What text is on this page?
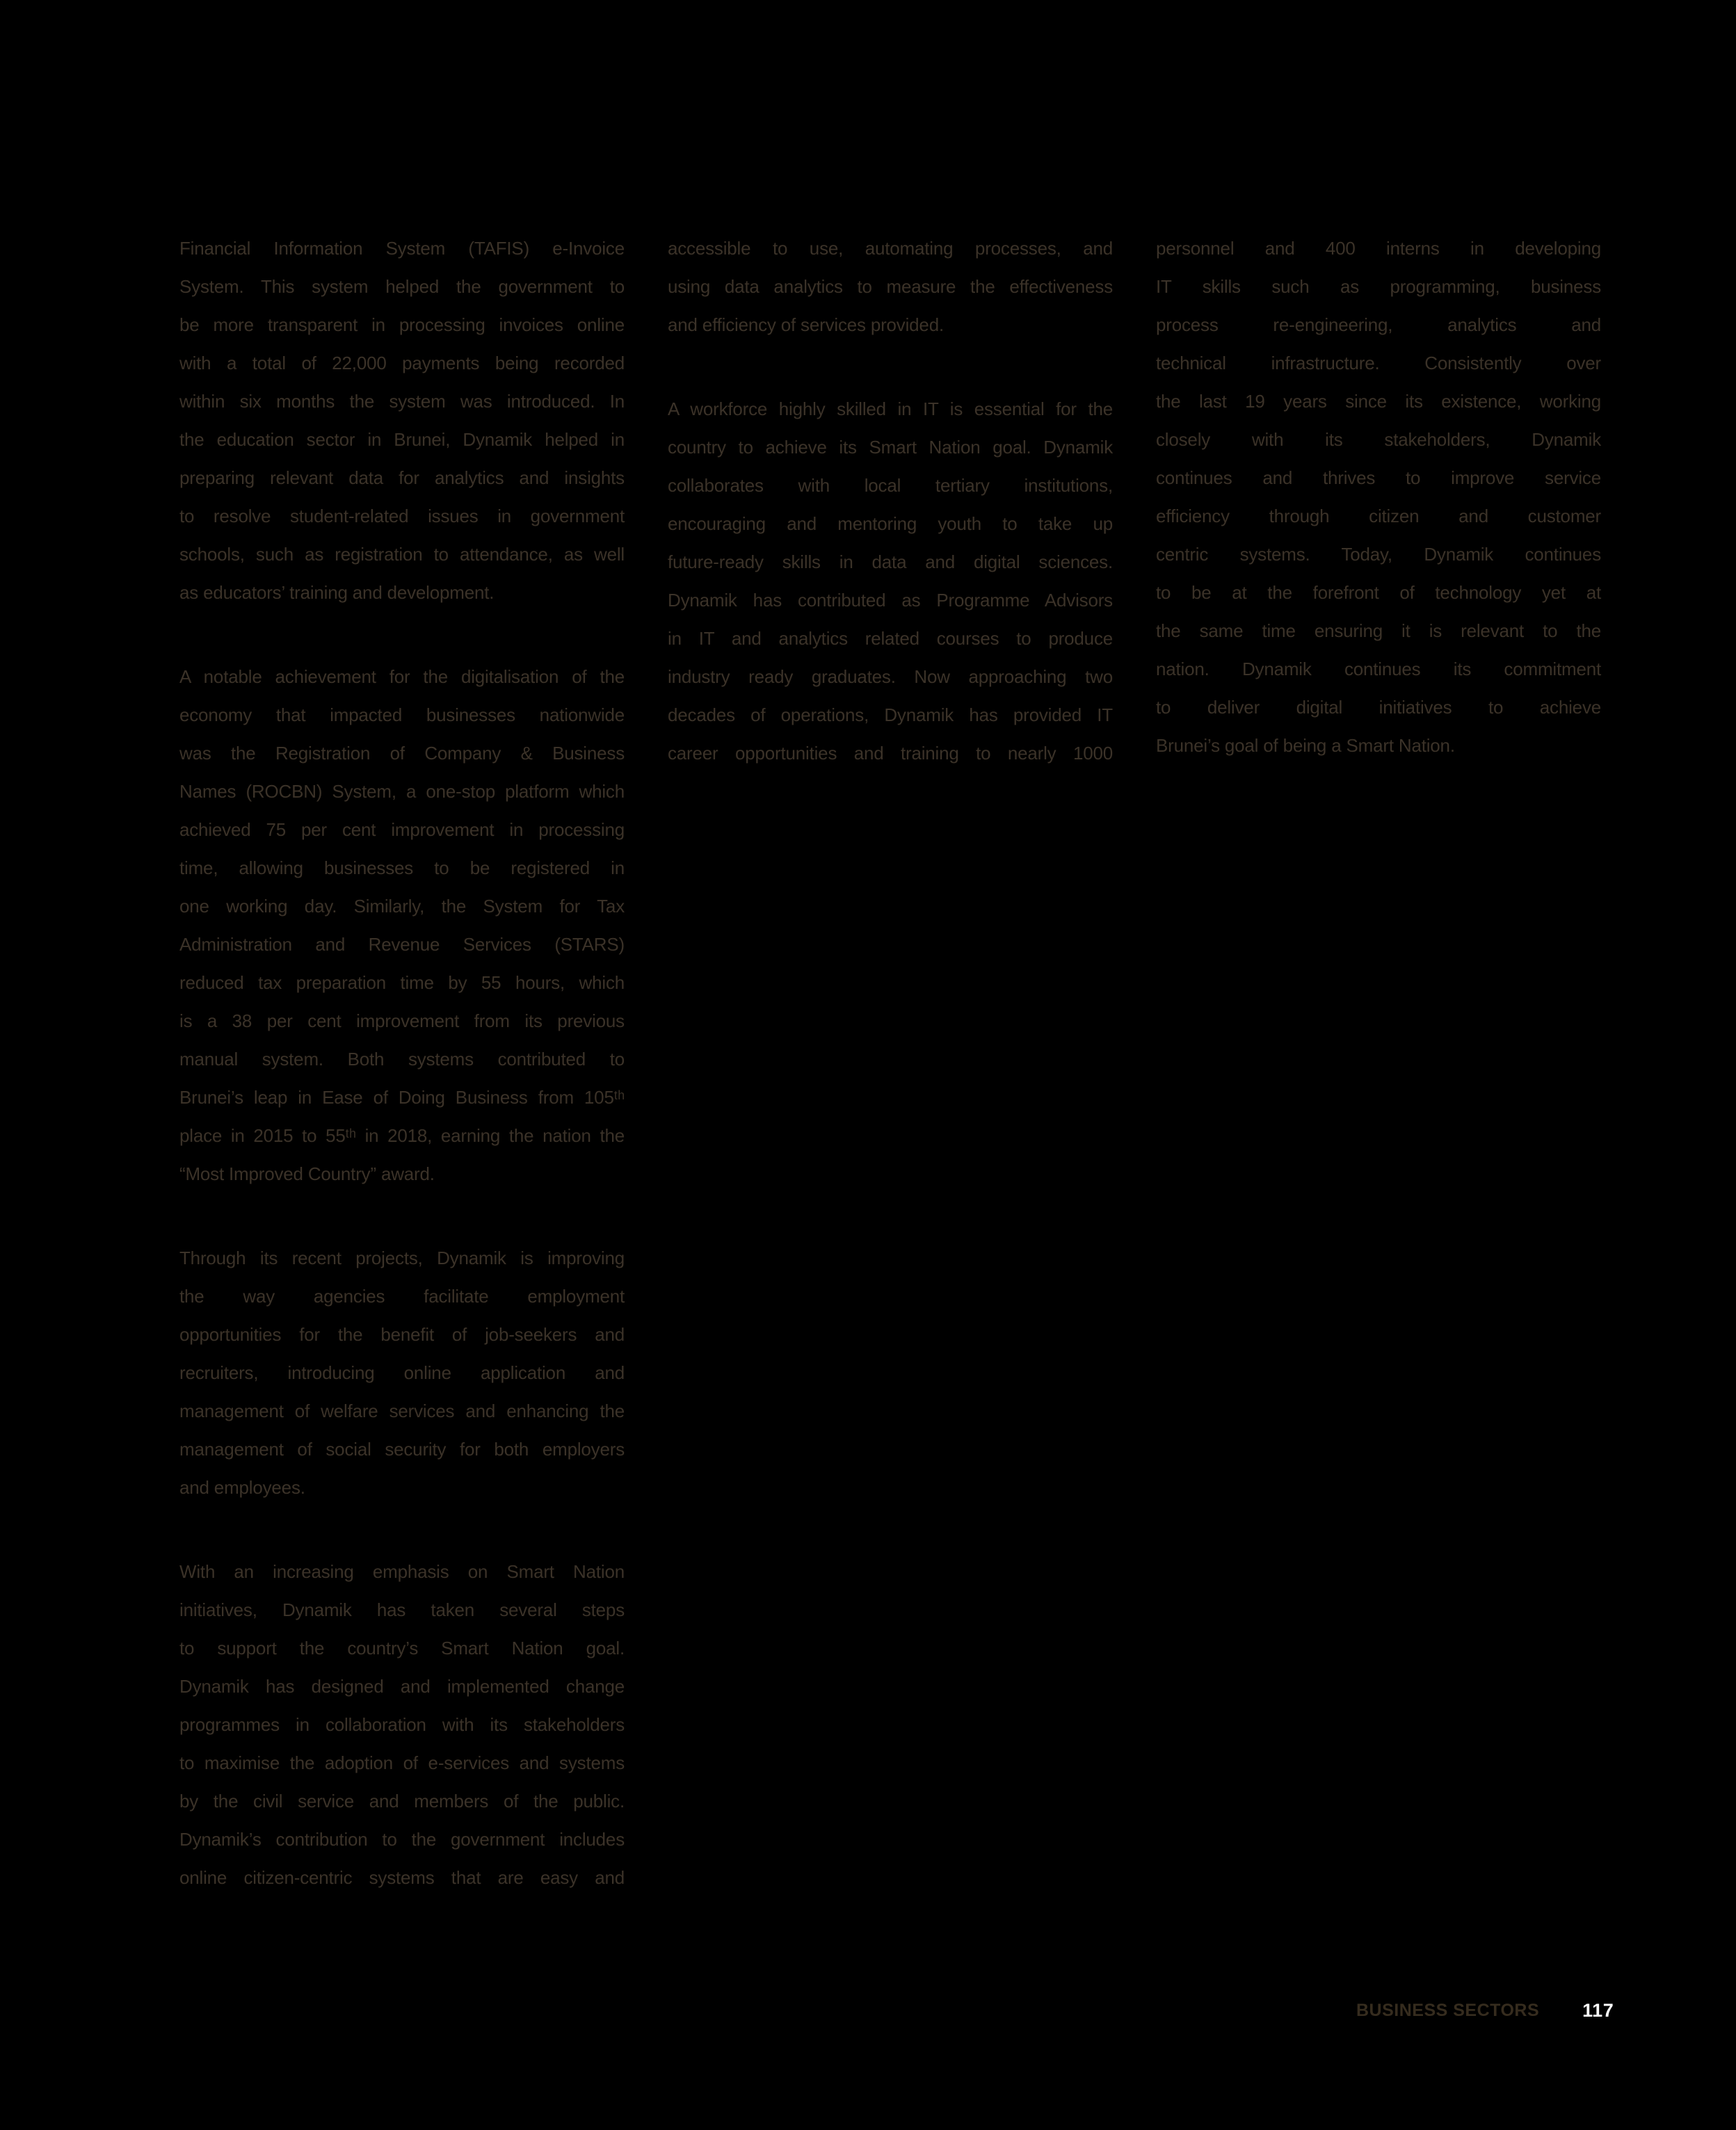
Financial Information System (TAFIS) e-Invoice
System. This system helped the government to
be more transparent in processing invoices online
with a total of 22,000 payments being recorded
within six months the system was introduced. In
the education sector in Brunei, Dynamik helped in
preparing relevant data for analytics and insights
to resolve student-related issues in government
schools, such as registration to attendance, as well
as educators’ training and development.
A notable achievement for the digitalisation of the
economy that impacted businesses nationwide
was the Registration of Company & Business
Names (ROCBN) System, a one-stop platform which
achieved 75 per cent improvement in processing
time, allowing businesses to be registered in
one working day. Similarly, the System for Tax
Administration and Revenue Services (STARS)
reduced tax preparation time by 55 hours, which
is a 38 per cent improvement from its previous
manual system. Both systems contributed to
Brunei’s leap in Ease of Doing Business from 105ᵗʰ
place in 2015 to 55ᵗʰ in 2018, earning the nation the
“Most Improved Country” award.
Through its recent projects, Dynamik is improving
the way agencies facilitate employment
opportunities for the benefit of job-seekers and
recruiters, introducing online application and
management of welfare services and enhancing the
management of social security for both employers
and employees.
With an increasing emphasis on Smart Nation
initiatives, Dynamik has taken several steps
to support the country’s Smart Nation goal.
Dynamik has designed and implemented change
programmes in collaboration with its stakeholders
to maximise the adoption of e-services and systems
by the civil service and members of the public.
Dynamik’s contribution to the government includes
online citizen-centric systems that are easy and
accessible to use, automating processes, and
using data analytics to measure the effectiveness
and efficiency of services provided.
A workforce highly skilled in IT is essential for the
country to achieve its Smart Nation goal. Dynamik
collaborates with local tertiary institutions,
encouraging and mentoring youth to take up
future-ready skills in data and digital sciences.
Dynamik has contributed as Programme Advisors
in IT and analytics related courses to produce
industry ready graduates. Now approaching two
decades of operations, Dynamik has provided IT
career opportunities and training to nearly 1000
personnel and 400 interns in developing
IT skills such as programming, business
process re-engineering, analytics and
technical infrastructure. Consistently over
the last 19 years since its existence, working
closely with its stakeholders, Dynamik
continues and thrives to improve service
efficiency through citizen and customer
centric systems. Today, Dynamik continues
to be at the forefront of technology yet at
the same time ensuring it is relevant to the
nation. Dynamik continues its commitment
to deliver digital initiatives to achieve
Brunei’s goal of being a Smart Nation.
BUSINESS SECTORS 117
